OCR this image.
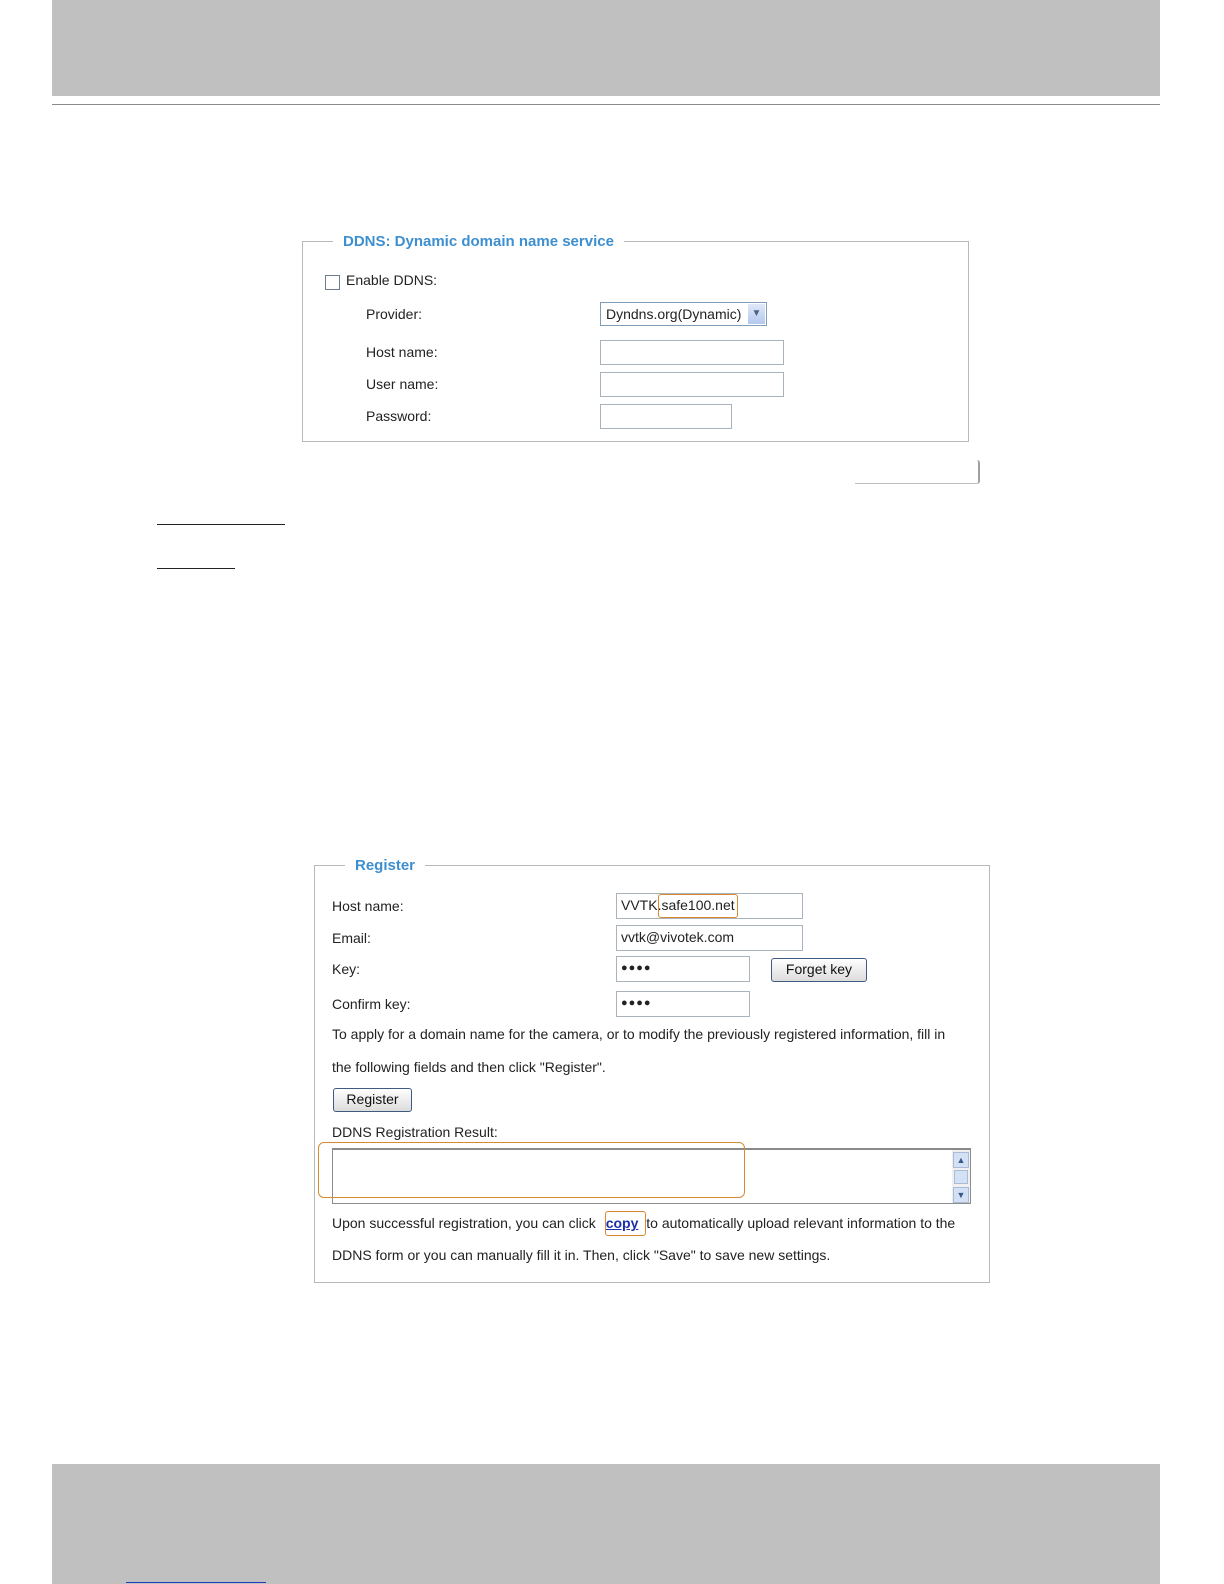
DDNS: Dynamic domain name service
Enable DDNS:
Provider:	Dyndns.org(Dynamic)	▼
Host name:
User name:
Password:
Register
Host name:	VVTK.safe100.net
Email:	vvtk@vivotek.com
Key:	●●●●	Forget key
Confirm key:	●●●●
To apply for a domain name for the camera, or to modify the previously registered information, fill in
the following fields and then click "Register".
Register
DDNS Registration Result:
▲
▼
Upon successful registration, you can click copy to automatically upload relevant information to the
DDNS form or you can manually fill it in. Then, click "Save" to save new settings.
